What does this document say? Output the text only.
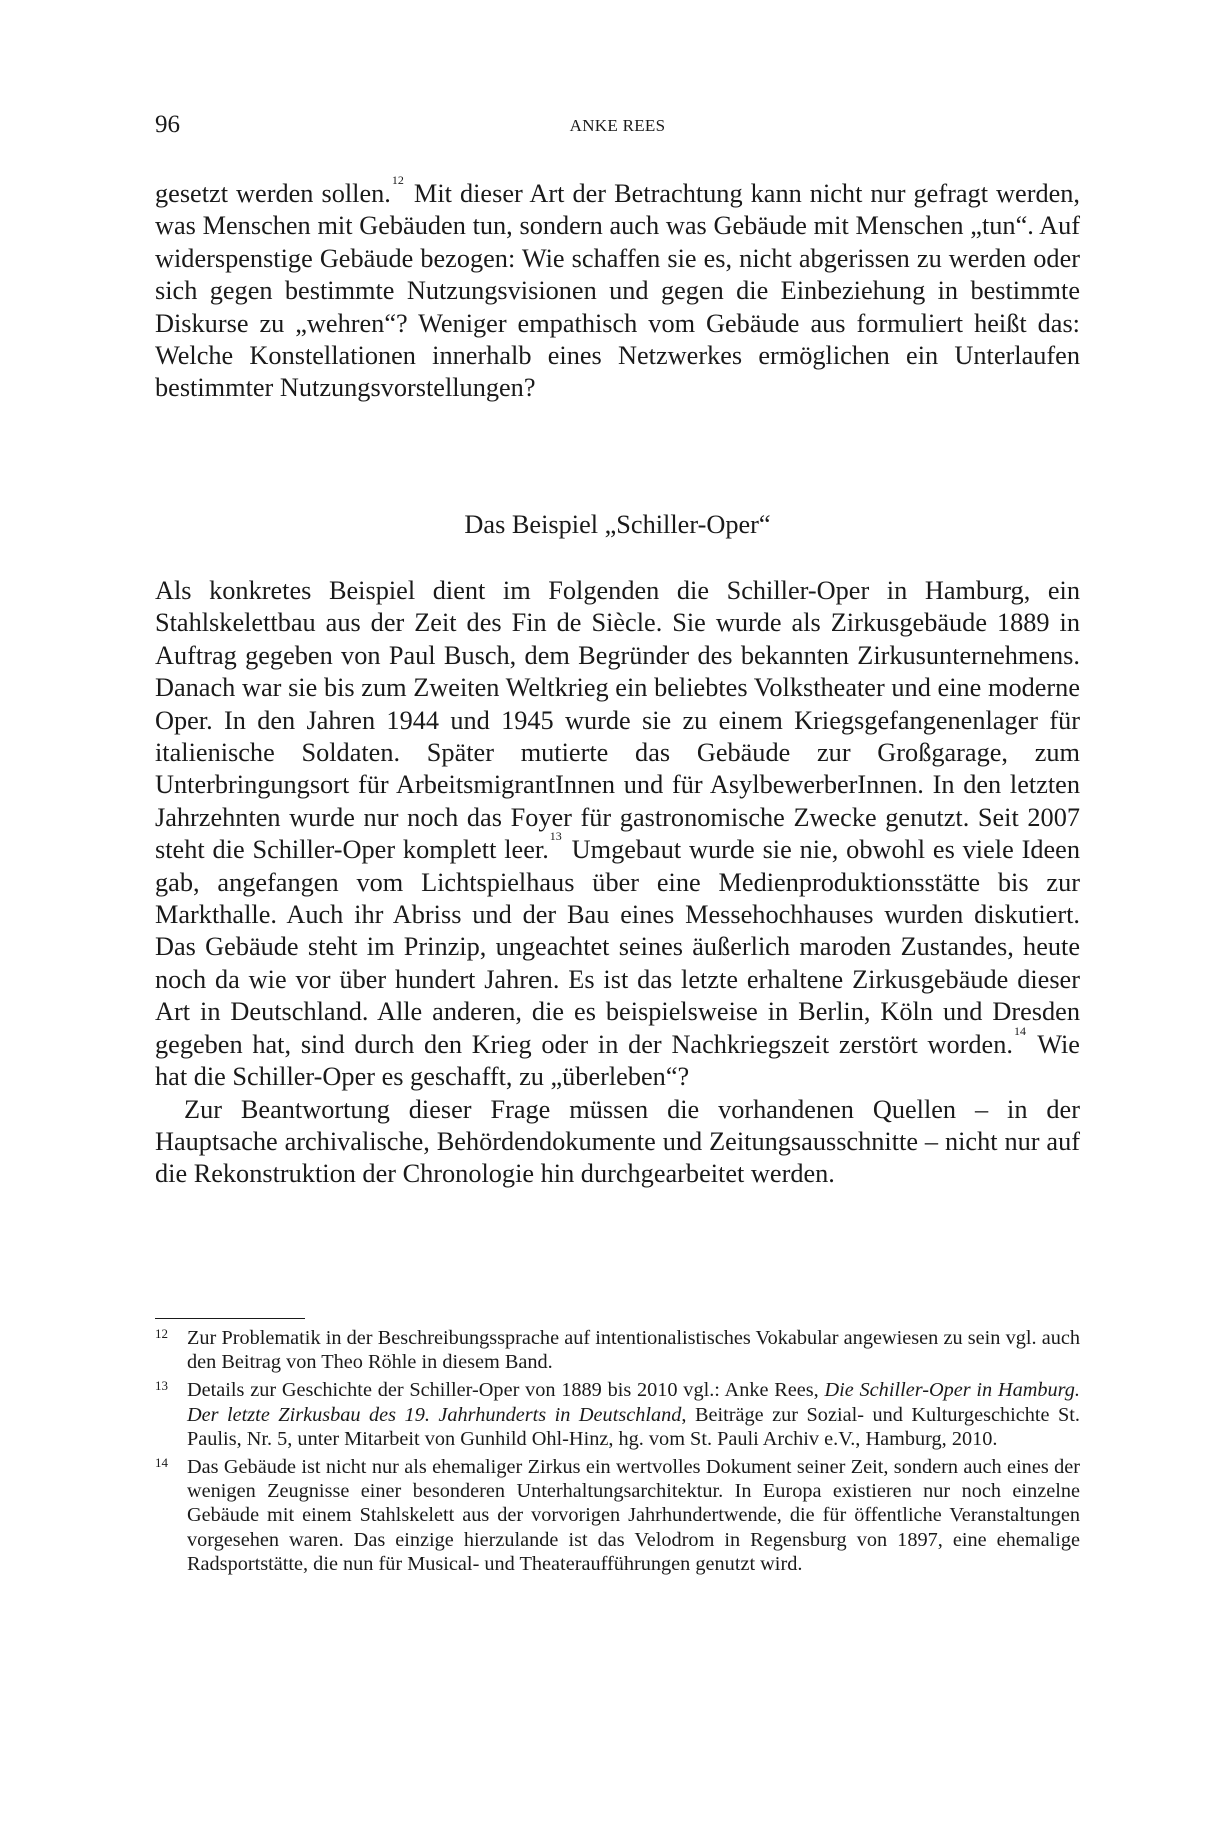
96	ANKE REES

gesetzt werden sollen.$^{12}$ Mit dieser Art der Betrachtung kann nicht nur gefragt werden, was Menschen mit Gebäuden tun, sondern auch was Gebäude mit Menschen „tun“. Auf widerspenstige Gebäude bezogen: Wie schaffen sie es, nicht abgerissen zu werden oder sich gegen bestimmte Nutzungsvisionen und gegen die Einbeziehung in bestimmte Diskurse zu „wehren“? Weniger empathisch vom Gebäude aus formuliert heißt das: Welche Konstellationen innerhalb eines Netzwerkes ermöglichen ein Unterlaufen bestimmter Nutzungsvorstellungen?

Das Beispiel „Schiller-Oper“

Als konkretes Beispiel dient im Folgenden die Schiller-Oper in Hamburg, ein Stahlskelettbau aus der Zeit des Fin de Siècle. Sie wurde als Zirkusgebäude 1889 in Auftrag gegeben von Paul Busch, dem Begründer des bekannten Zirkusunternehmens. Danach war sie bis zum Zweiten Weltkrieg ein beliebtes Volkstheater und eine moderne Oper. In den Jahren 1944 und 1945 wurde sie zu einem Kriegsgefangenenlager für italienische Soldaten. Später mutierte das Gebäude zur Großgarage, zum Unterbringungsort für ArbeitsmigrantInnen und für AsylbewerberInnen. In den letzten Jahrzehnten wurde nur noch das Foyer für gastronomische Zwecke genutzt. Seit 2007 steht die Schiller-Oper komplett leer.$^{13}$ Umgebaut wurde sie nie, obwohl es viele Ideen gab, angefangen vom Lichtspielhaus über eine Medienproduktionsstätte bis zur Markthalle. Auch ihr Abriss und der Bau eines Messehochhauses wurden diskutiert. Das Gebäude steht im Prinzip, ungeachtet seines äußerlich maroden Zustandes, heute noch da wie vor über hundert Jahren. Es ist das letzte erhaltene Zirkusgebäude dieser Art in Deutschland. Alle anderen, die es beispielsweise in Berlin, Köln und Dresden gegeben hat, sind durch den Krieg oder in der Nachkriegszeit zerstört worden.$^{14}$ Wie hat die Schiller-Oper es geschafft, zu „überleben“?

Zur Beantwortung dieser Frage müssen die vorhandenen Quellen – in der Hauptsache archivalische, Behördendokumente und Zeitungsausschnitte – nicht nur auf die Rekonstruktion der Chronologie hin durchgearbeitet werden.

12 Zur Problematik in der Beschreibungssprache auf intentionalistisches Vokabular angewiesen zu sein vgl. auch den Beitrag von Theo Röhle in diesem Band.
13 Details zur Geschichte der Schiller-Oper von 1889 bis 2010 vgl.: Anke Rees, Die Schiller-Oper in Hamburg. Der letzte Zirkusbau des 19. Jahrhunderts in Deutschland, Beiträge zur Sozial- und Kulturgeschichte St. Paulis, Nr. 5, unter Mitarbeit von Gunhild Ohl-Hinz, hg. vom St. Pauli Archiv e.V., Hamburg, 2010.
14 Das Gebäude ist nicht nur als ehemaliger Zirkus ein wertvolles Dokument seiner Zeit, sondern auch eines der wenigen Zeugnisse einer besonderen Unterhaltungsarchitektur. In Europa existieren nur noch einzelne Gebäude mit einem Stahlskelett aus der vorvorigen Jahrhundertwende, die für öffentliche Veranstaltungen vorgesehen waren. Das einzige hierzulande ist das Velodrom in Regensburg von 1897, eine ehemalige Radsportstätte, die nun für Musical- und Theateraufführungen genutzt wird.
